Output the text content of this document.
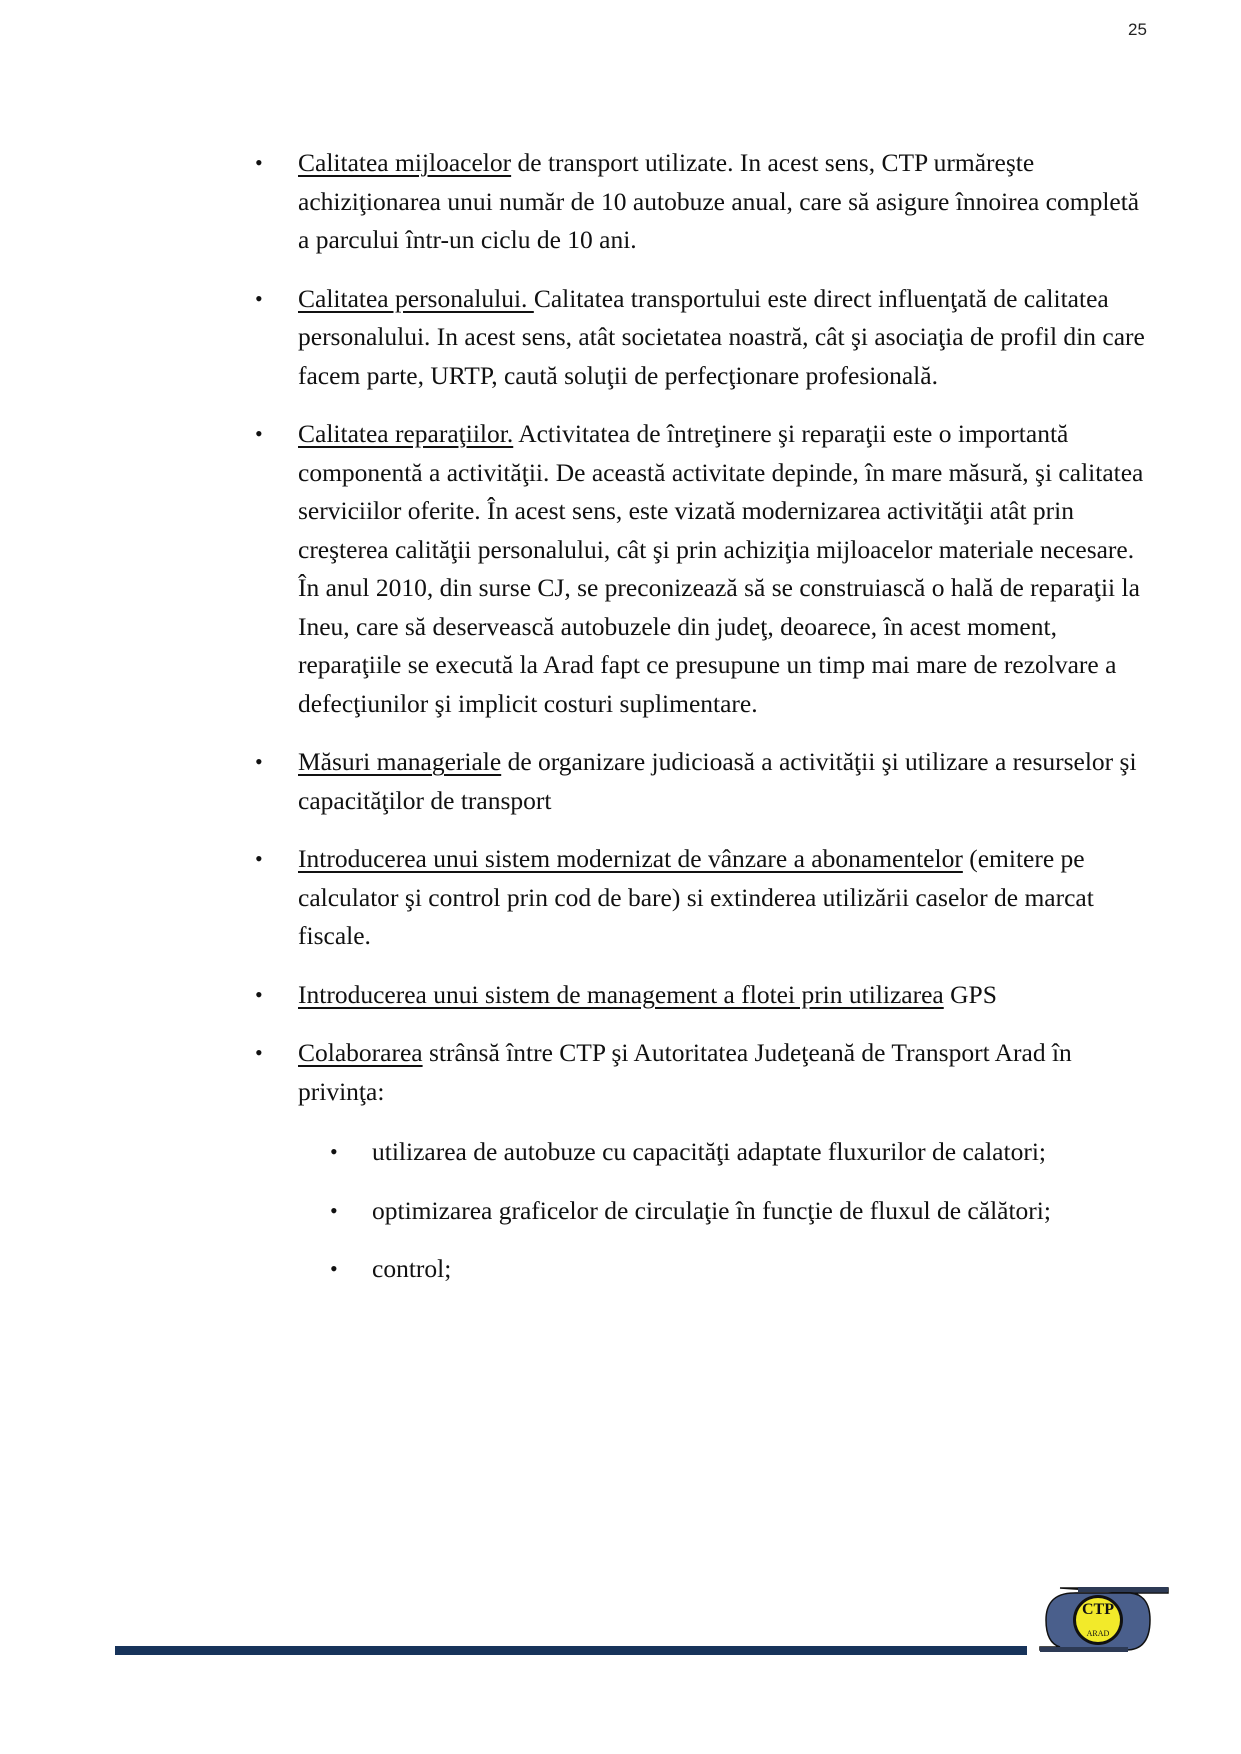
25
• Calitatea mijloacelor de transport utilizate. In acest sens, CTP urmăreşte achiziţionarea unui număr de 10 autobuze anual, care să asigure înnoirea completă a parcului într-un ciclu de 10 ani.
• Calitatea personalului. Calitatea transportului este direct influenţată de calitatea personalului. In acest sens, atât societatea noastră, cât şi asociaţia de profil din care facem parte, URTP, caută soluţii de perfecţionare profesională.
• Calitatea reparaţiilor. Activitatea de întreţinere şi reparaţii este o importantă componentă a activităţii. De această activitate depinde, în mare măsură, şi calitatea serviciilor oferite. În acest sens, este vizată modernizarea activităţii atât prin creşterea calităţii personalului, cât şi prin achiziţia mijloacelor materiale necesare. În anul 2010, din surse CJ, se preconizează să se construiască o hală de reparaţii la Ineu, care să deservească autobuzele din judeţ, deoarece, în acest moment, reparaţiile se execută la Arad fapt ce presupune un timp mai mare de rezolvare a defecţiunilor şi implicit costuri suplimentare.
• Măsuri manageriale de organizare judicioasă a activităţii şi utilizare a resurselor şi capacităţilor de transport
• Introducerea unui sistem modernizat de vânzare a abonamentelor (emitere pe calculator şi control prin cod de bare) si extinderea utilizării caselor de marcat fiscale.
• Introducerea unui sistem de management a flotei prin utilizarea GPS
• Colaborarea strânsă între CTP şi Autoritatea Judeţeană de Transport Arad în privinţa:
• utilizarea de autobuze cu capacităţi adaptate fluxurilor de calatori;
• optimizarea graficelor de circulaţie în funcţie de fluxul de călători;
• control;
CTP
ARAD
